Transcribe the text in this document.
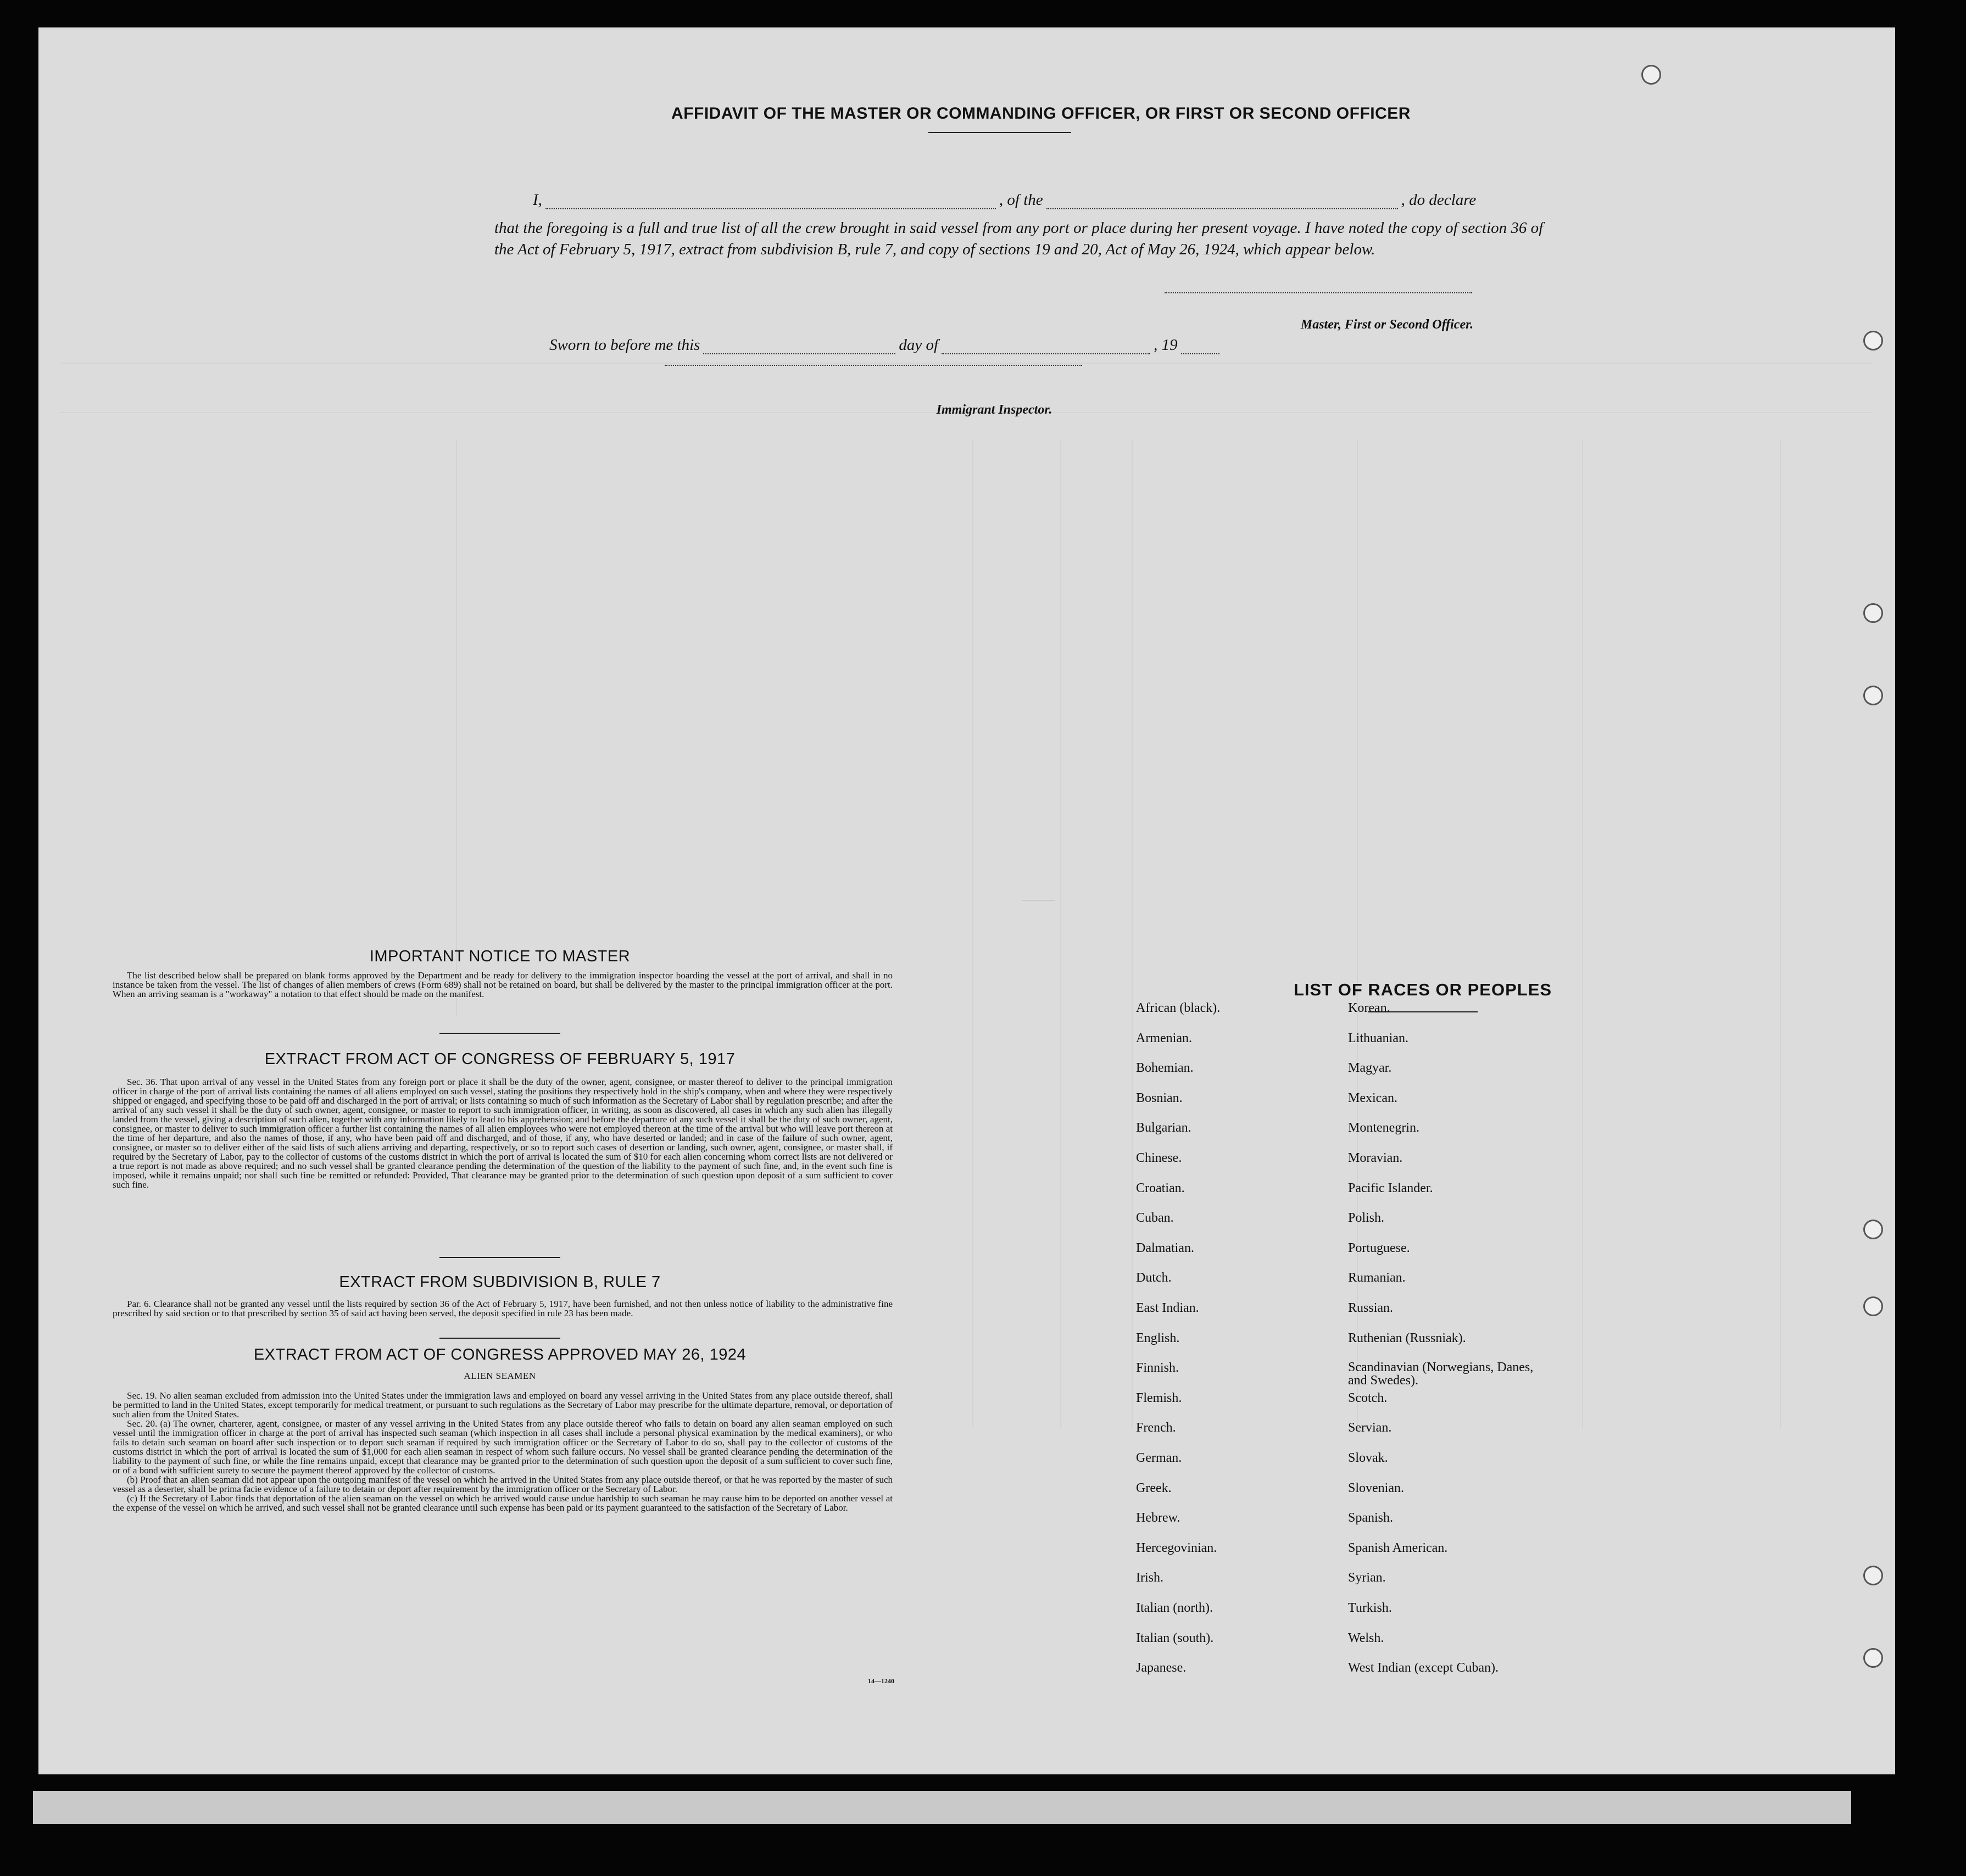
AFFIDAVIT OF THE MASTER OR COMMANDING OFFICER, OR FIRST OR SECOND OFFICER
I,	, of the	, do declare
that the foregoing is a full and true list of all the crew brought in said vessel from any port or place during her present voyage. I have noted the copy of section 36 of the Act of February 5, 1917, extract from subdivision B, rule 7, and copy of sections 19 and 20, Act of May 26, 1924, which appear below.
Master, First or Second Officer.
Sworn to before me this	day of	, 19
Immigrant Inspector.
IMPORTANT NOTICE TO MASTER

The list described below shall be prepared on blank forms approved by the Department and be ready for delivery to the immigration inspector boarding the vessel at the port of arrival, and shall in no instance be taken from the vessel. The list of changes of alien members of crews (Form 689) shall not be retained on board, but shall be delivered by the master to the principal immigration officer at the port. When an arriving seaman is a "workaway" a notation to that effect should be made on the manifest.

EXTRACT FROM ACT OF CONGRESS OF FEBRUARY 5, 1917

Sec. 36. That upon arrival of any vessel in the United States from any foreign port or place it shall be the duty of the owner, agent, consignee, or master thereof to deliver to the principal immigration officer in charge of the port of arrival lists containing the names of all aliens employed on such vessel, stating the positions they respectively hold in the ship's company, when and where they were respectively shipped or engaged, and specifying those to be paid off and discharged in the port of arrival; or lists containing so much of such information as the Secretary of Labor shall by regulation prescribe; and after the arrival of any such vessel it shall be the duty of such owner, agent, consignee, or master to report to such immigration officer, in writing, as soon as discovered, all cases in which any such alien has illegally landed from the vessel, giving a description of such alien, together with any information likely to lead to his apprehension; and before the departure of any such vessel it shall be the duty of such owner, agent, consignee, or master to deliver to such immigration officer a further list containing the names of all alien employees who were not employed thereon at the time of the arrival but who will leave port thereon at the time of her departure, and also the names of those, if any, who have been paid off and discharged, and of those, if any, who have deserted or landed; and in case of the failure of such owner, agent, consignee, or master so to deliver either of the said lists of such aliens arriving and departing, respectively, or so to report such cases of desertion or landing, such owner, agent, consignee, or master shall, if required by the Secretary of Labor, pay to the collector of customs of the customs district in which the port of arrival is located the sum of $10 for each alien concerning whom correct lists are not delivered or a true report is not made as above required; and no such vessel shall be granted clearance pending the determination of the question of the liability to the payment of such fine, and, in the event such fine is imposed, while it remains unpaid; nor shall such fine be remitted or refunded: Provided, That clearance may be granted prior to the determination of such question upon deposit of a sum sufficient to cover such fine.

EXTRACT FROM SUBDIVISION B, RULE 7

Par. 6. Clearance shall not be granted any vessel until the lists required by section 36 of the Act of February 5, 1917, have been furnished, and not then unless notice of liability to the administrative fine prescribed by said section or to that prescribed by section 35 of said act having been served, the deposit specified in rule 23 has been made.

EXTRACT FROM ACT OF CONGRESS APPROVED MAY 26, 1924
ALIEN SEAMEN

Sec. 19. No alien seaman excluded from admission into the United States under the immigration laws and employed on board any vessel arriving in the United States from any place outside thereof, shall be permitted to land in the United States, except temporarily for medical treatment, or pursuant to such regulations as the Secretary of Labor may prescribe for the ultimate departure, removal, or deportation of such alien from the United States.

Sec. 20. (a) The owner, charterer, agent, consignee, or master of any vessel arriving in the United States from any place outside thereof who fails to detain on board any alien seaman employed on such vessel until the immigration officer in charge at the port of arrival has inspected such seaman (which inspection in all cases shall include a personal physical examination by the medical examiners), or who fails to detain such seaman on board after such inspection or to deport such seaman if required by such immigration officer or the Secretary of Labor to do so, shall pay to the collector of customs of the customs district in which the port of arrival is located the sum of $1,000 for each alien seaman in respect of whom such failure occurs. No vessel shall be granted clearance pending the determination of the liability to the payment of such fine, or while the fine remains unpaid, except that clearance may be granted prior to the determination of such question upon the deposit of a sum sufficient to cover such fine, or of a bond with sufficient surety to secure the payment thereof approved by the collector of customs.

(b) Proof that an alien seaman did not appear upon the outgoing manifest of the vessel on which he arrived in the United States from any place outside thereof, or that he was reported by the master of such vessel as a deserter, shall be prima facie evidence of a failure to detain or deport after requirement by the immigration officer or the Secretary of Labor.

(c) If the Secretary of Labor finds that deportation of the alien seaman on the vessel on which he arrived would cause undue hardship to such seaman he may cause him to be deported on another vessel at the expense of the vessel on which he arrived, and such vessel shall not be granted clearance until such expense has been paid or its payment guaranteed to the satisfaction of the Secretary of Labor.

14—1240
LIST OF RACES OR PEOPLES
African (black).
Armenian.
Bohemian.
Bosnian.
Bulgarian.
Chinese.
Croatian.
Cuban.
Dalmatian.
Dutch.
East Indian.
English.
Finnish.
Flemish.
French.
German.
Greek.
Hebrew.
Hercegovinian.
Irish.
Italian (north).
Italian (south).
Japanese.
Korean.
Lithuanian.
Magyar.
Mexican.
Montenegrin.
Moravian.
Pacific Islander.
Polish.
Portuguese.
Rumanian.
Russian.
Ruthenian (Russniak).
Scandinavian (Norwegians, Danes, and Swedes).
Scotch.
Servian.
Slovak.
Slovenian.
Spanish.
Spanish American.
Syrian.
Turkish.
Welsh.
West Indian (except Cuban).
